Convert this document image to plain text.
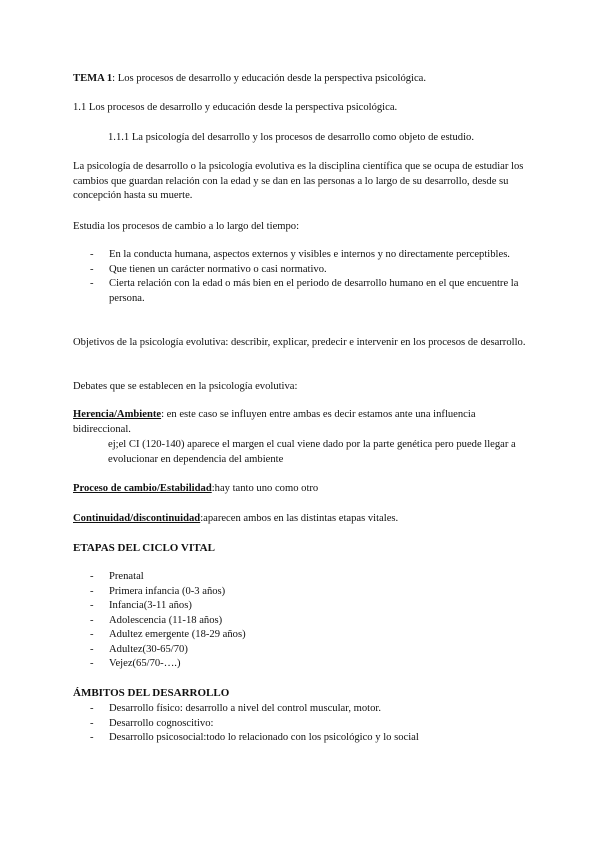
TEMA 1: Los procesos de desarrollo y educación desde la perspectiva psicológica.

1.1 Los procesos de desarrollo y educación desde la perspectiva psicológica.

1.1.1 La psicología del desarrollo y los procesos de desarrollo como objeto de estudio.

La psicología de desarrollo o la psicología evolutiva es la disciplina científica que se ocupa de estudiar los cambios que guardan relación con la edad y se dan en las personas a lo largo de su desarrollo, desde su concepción hasta su muerte.

Estudia los procesos de cambio a lo largo del tiempo:

- En la conducta humana, aspectos externos y visibles e internos y no directamente perceptibles.
- Que tienen un carácter normativo o casi normativo.
- Cierta relación con la edad o más bien en el periodo de desarrollo humano en el que encuentre la persona.

Objetivos de la psicología evolutiva: describir, explicar, predecir e intervenir en los procesos de desarrollo.

Debates que se establecen en la psicología evolutiva:

Herencia/Ambiente: en este caso se influyen entre ambas es decir estamos ante una influencia bidireccional.

ej;el CI (120-140) aparece el margen el cual viene dado por la parte genética pero puede llegar a evolucionar en dependencia del ambiente

Proceso de cambio/Estabilidad:hay tanto uno como otro

Continuidad/discontinuidad:aparecen ambos en las distintas etapas vitales.

ETAPAS DEL CICLO VITAL

- Prenatal
- Primera infancia (0-3 años)
- Infancia(3-11 años)
- Adolescencia (11-18 años)
- Adultez emergente (18-29 años)
- Adultez(30-65/70)
- Vejez(65/70-….)

ÁMBITOS DEL DESARROLLO

- Desarrollo físico: desarrollo a nivel del control muscular, motor.
- Desarrollo cognoscitivo:
- Desarrollo psicosocial:todo lo relacionado con los psicológico y lo social
